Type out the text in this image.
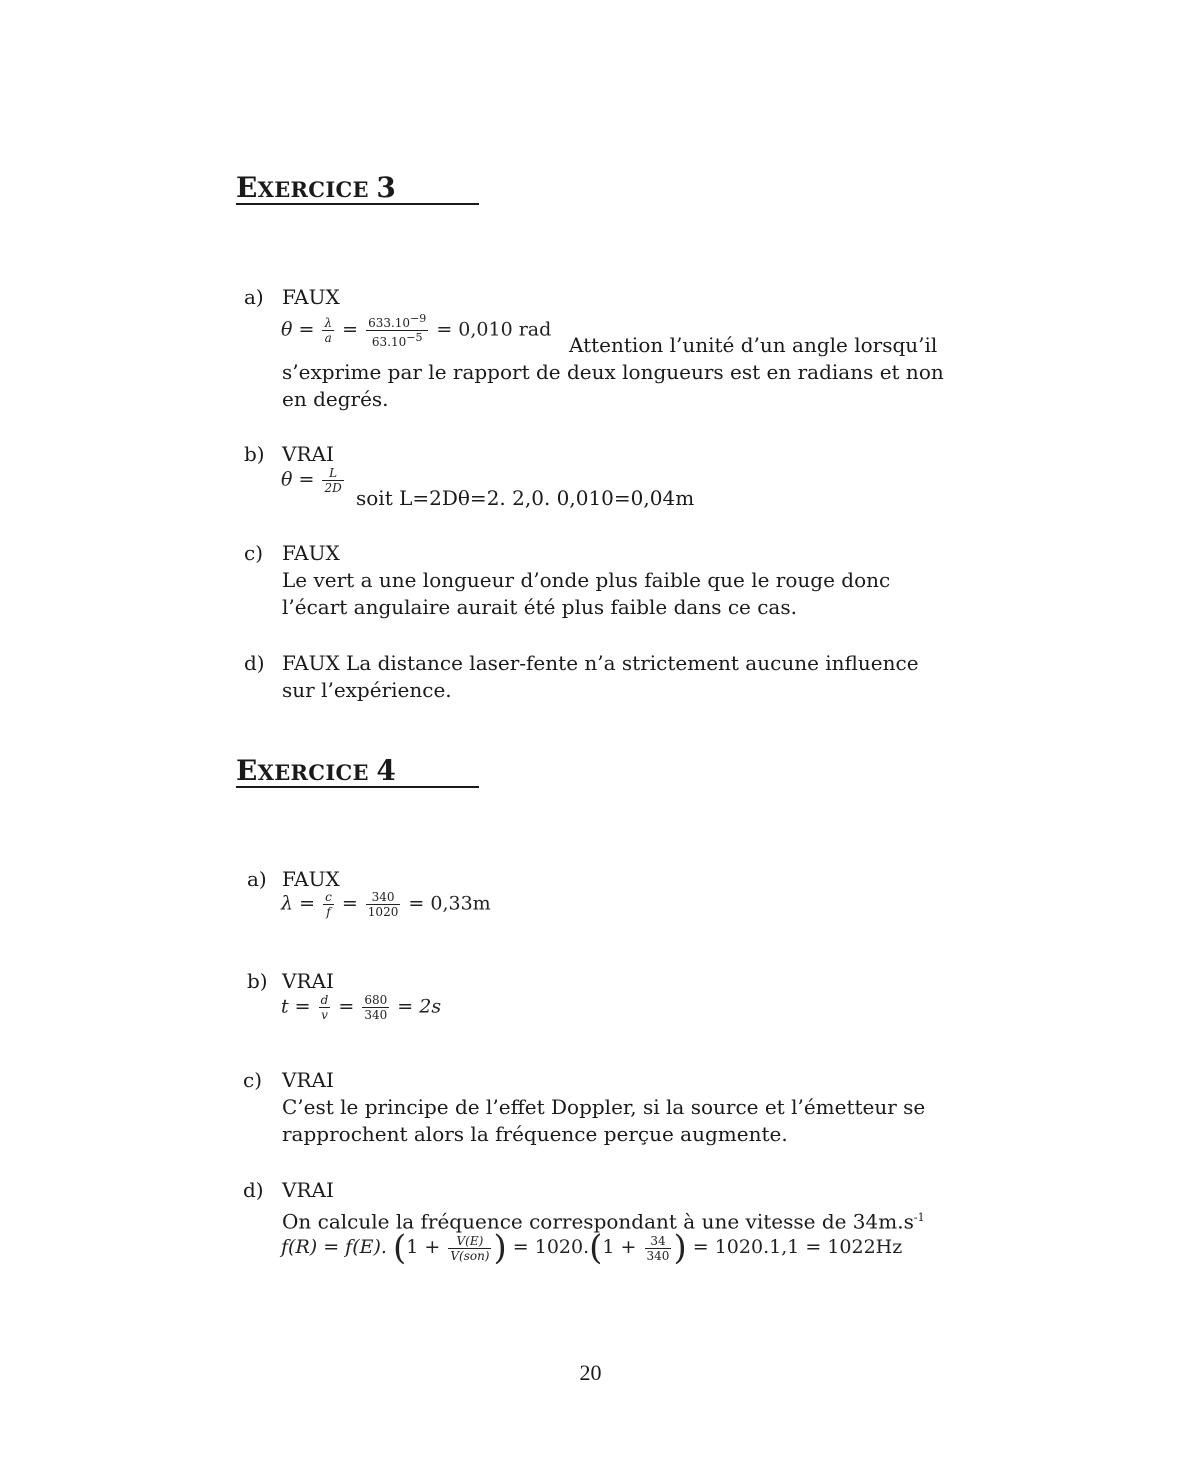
EXERCICE 3
a) FAUX
$\theta = \frac{\lambda}{a} = \frac{633.10^{-9}}{63.10^{-5}} = 0,010$ rad
Attention l’unité d’un angle lorsqu’il
s’exprime par le rapport de deux longueurs est en radians et non en degrés.
b) VRAI
$\theta = \frac{L}{2D}$
soit L=2Dθ=2. 2,0. 0,010=0,04m
c) FAUX
Le vert a une longueur d’onde plus faible que le rouge donc l’écart angulaire aurait été plus faible dans ce cas.
d) FAUX La distance laser-fente n’a strictement aucune influence sur l’expérience.
EXERCICE 4
a) FAUX
$\lambda = \frac{c}{f} = \frac{340}{1020} = 0,33m$
b) VRAI
$t = \frac{d}{v} = \frac{680}{340} = 2s$
c) VRAI
C’est le principe de l’effet Doppler, si la source et l’émetteur se rapprochent alors la fréquence perçue augmente.
d) VRAI
On calcule la fréquence correspondant à une vitesse de $34m.s^{-1}$
f(R) = f(E). ($1 + \frac{V(E)}{\text{V(son)}}$ ) = $1020.(1 + \frac{34}{340}$ ) = 1020.1,1 = 1022Hz
20
